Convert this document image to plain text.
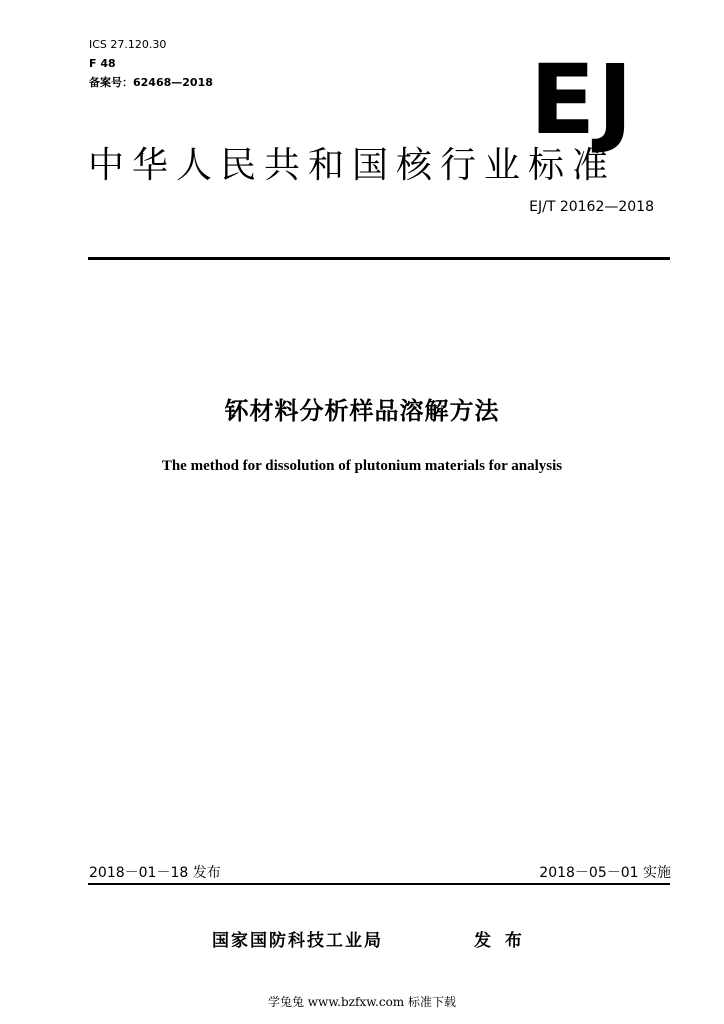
ICS 27.120.30
F 48
备案号：62468—2018	EJ
中华人民共和国核行业标准
EJ/T 20162—2018
钚材料分析样品溶解方法
The method for dissolution of plutonium materials for analysis
2018－01－18 发布	2018－05－01 实施
国家国防科技工业局	发 布
学兔兔 www.bzfxw.com 标准下载
